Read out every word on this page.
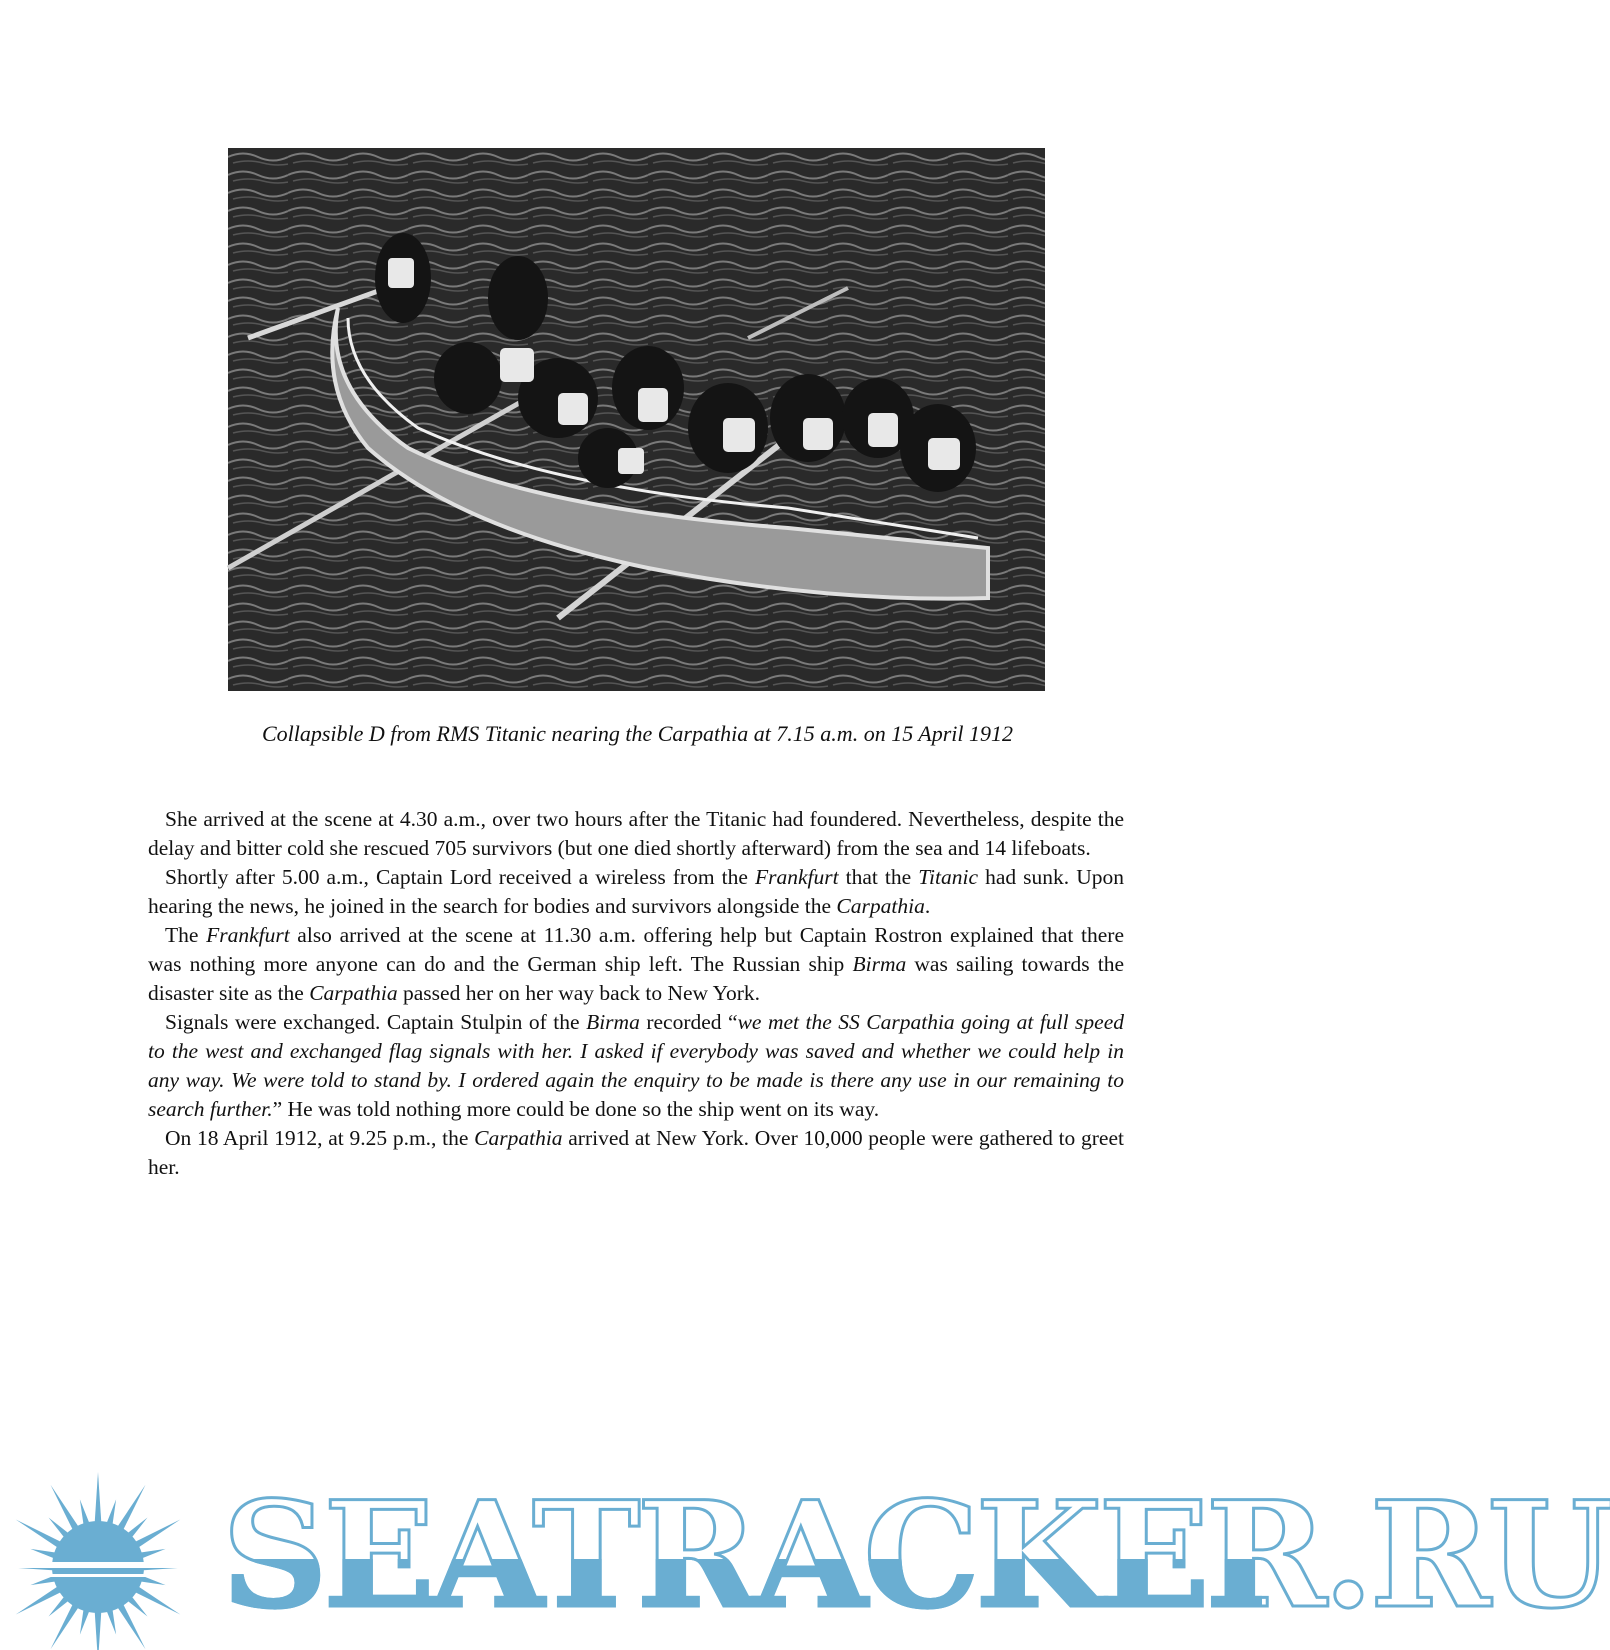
Collapsible D from RMS Titanic nearing the Carpathia at 7.15 a.m. on 15 April 1912

She arrived at the scene at 4.30 a.m., over two hours after the Titanic had foundered. Nevertheless, despite the delay and bitter cold she rescued 705 survivors (but one died shortly afterward) from the sea and 14 lifeboats.

Shortly after 5.00 a.m., Captain Lord received a wireless from the Frankfurt that the Titanic had sunk. Upon hearing the news, he joined in the search for bodies and survivors alongside the Carpathia.

The Frankfurt also arrived at the scene at 11.30 a.m. offering help but Captain Rostron explained that there was nothing more anyone can do and the German ship left. The Russian ship Birma was sailing towards the disaster site as the Carpathia passed her on her way back to New York.

Signals were exchanged. Captain Stulpin of the Birma recorded “we met the SS Carpathia going at full speed to the west and exchanged flag signals with her. I asked if everybody was saved and whether we could help in any way. We were told to stand by. I ordered again the enquiry to be made is there any use in our remaining to search further.” He was told nothing more could be done so the ship went on its way.

On 18 April 1912, at 9.25 p.m., the Carpathia arrived at New York. Over 10,000 people were gathered to greet her.

SEATRACKER.RU
